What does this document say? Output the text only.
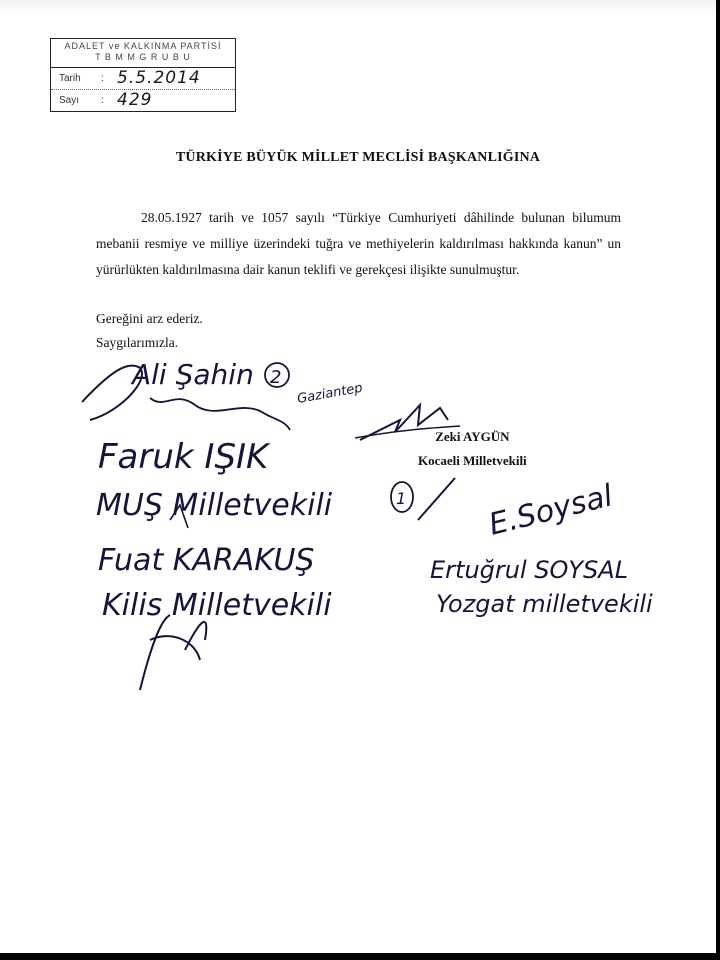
ADALET ve KALKINMA PARTİSİ
T B M M G R U B U
Tarih	: 5.5.2014
Sayı	: 429
TÜRKİYE BÜYÜK MİLLET MECLİSİ BAŞKANLIĞINA
28.05.1927 tarih ve 1057 sayılı “Türkiye Cumhuriyeti dâhilinde bulunan bilumum mebanii resmiye ve milliye üzerindeki tuğra ve methiyelerin kaldırılması hakkında kanun” un yürürlükten kaldırılmasına dair kanun teklifi ve gerekçesi ilişikte sunulmuştur.
Gereğini arz ederiz.
Saygılarımızla.
Zeki AYGÜN
Kocaeli Milletvekili
Ali Şahin 2
Gaziantep
Faruk IŞIK
MUŞ Milletvekili
Fuat KARAKUŞ
Kilis Milletvekili
1	E.Soysal
Ertuğrul SOYSAL
Yozgat milletvekili
